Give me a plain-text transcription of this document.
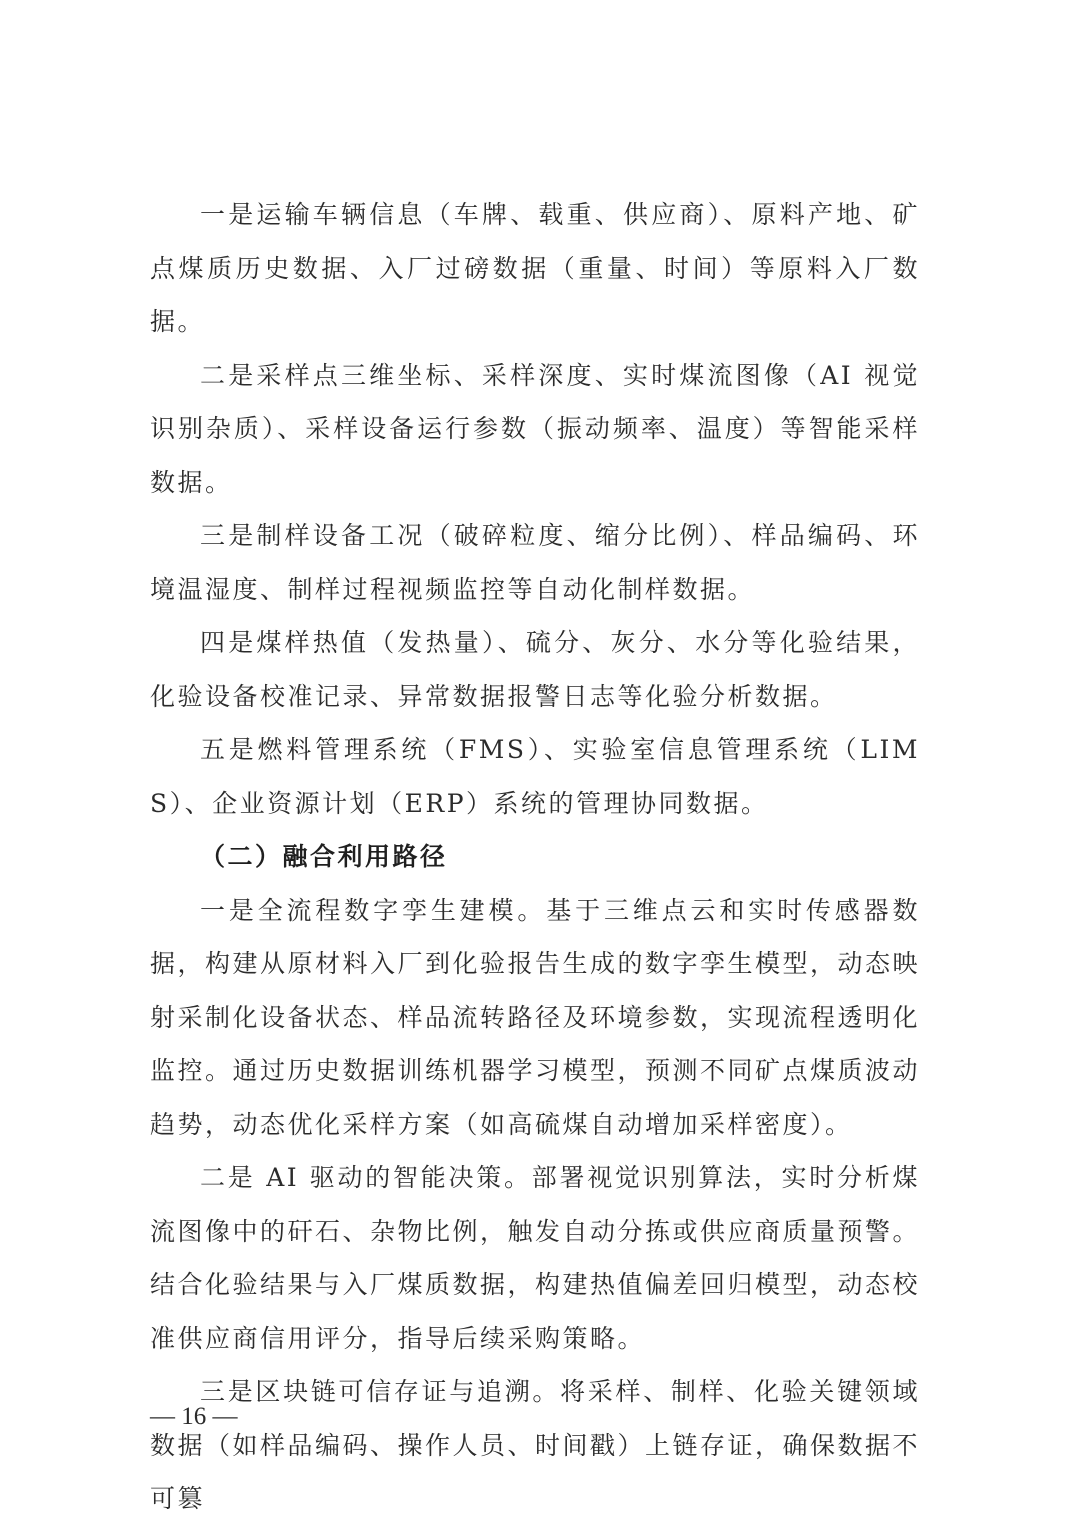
一是运输车辆信息（车牌、载重、供应商）、原料产地、矿点煤质历史数据、入厂过磅数据（重量、时间）等原料入厂数据。

二是采样点三维坐标、采样深度、实时煤流图像（AI 视觉识别杂质）、采样设备运行参数（振动频率、温度）等智能采样数据。

三是制样设备工况（破碎粒度、缩分比例）、样品编码、环境温湿度、制样过程视频监控等自动化制样数据。

四是煤样热值（发热量）、硫分、灰分、水分等化验结果，化验设备校准记录、异常数据报警日志等化验分析数据。

五是燃料管理系统（FMS）、实验室信息管理系统（LIMS）、企业资源计划（ERP）系统的管理协同数据。

（二）融合利用路径

一是全流程数字孪生建模。基于三维点云和实时传感器数据，构建从原材料入厂到化验报告生成的数字孪生模型，动态映射采制化设备状态、样品流转路径及环境参数，实现流程透明化监控。通过历史数据训练机器学习模型，预测不同矿点煤质波动趋势，动态优化采样方案（如高硫煤自动增加采样密度）。

二是 AI 驱动的智能决策。部署视觉识别算法，实时分析煤流图像中的矸石、杂物比例，触发自动分拣或供应商质量预警。结合化验结果与入厂煤质数据，构建热值偏差回归模型，动态校准供应商信用评分，指导后续采购策略。

三是区块链可信存证与追溯。将采样、制样、化验关键领域数据（如样品编码、操作人员、时间戳）上链存证，确保数据不可篡

— 16 —
